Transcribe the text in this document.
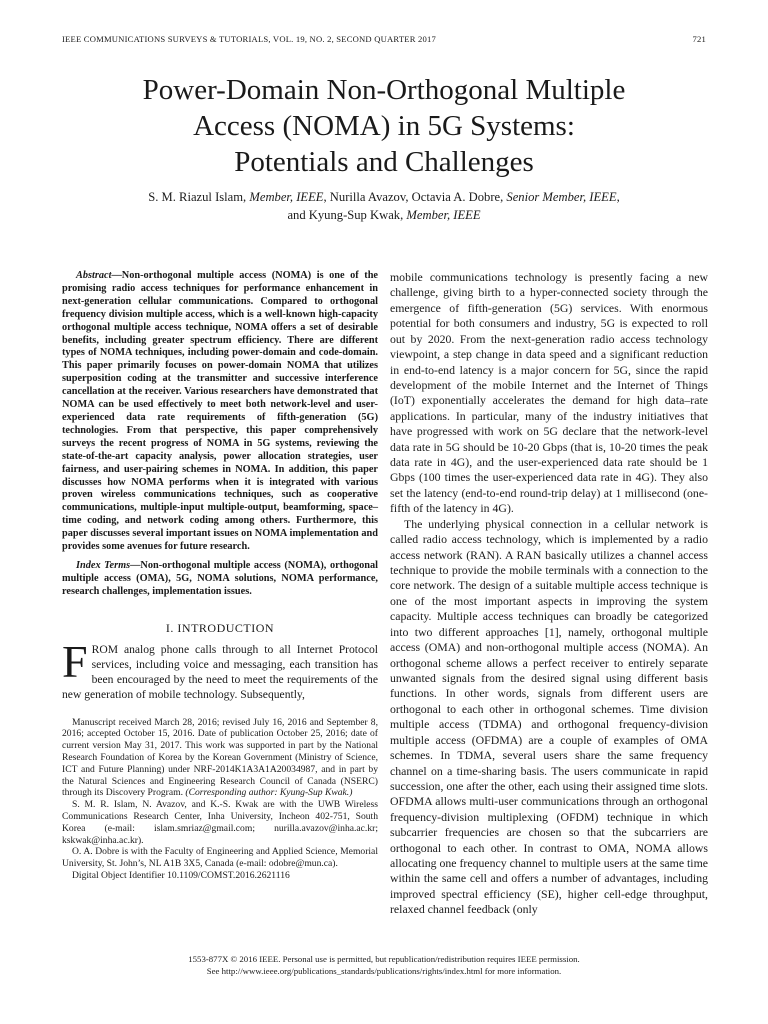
IEEE COMMUNICATIONS SURVEYS & TUTORIALS, VOL. 19, NO. 2, SECOND QUARTER 2017	721
Power-Domain Non-Orthogonal Multiple
Access (NOMA) in 5G Systems:
Potentials and Challenges
S. M. Riazul Islam, Member, IEEE, Nurilla Avazov, Octavia A. Dobre, Senior Member, IEEE,
and Kyung-Sup Kwak, Member, IEEE

Abstract—Non-orthogonal multiple access (NOMA) is one of the promising radio access techniques for performance enhancement in next-generation cellular communications. Compared to orthogonal frequency division multiple access, which is a well-known high-capacity orthogonal multiple access technique, NOMA offers a set of desirable benefits, including greater spectrum efficiency. There are different types of NOMA techniques, including power-domain and code-domain. This paper primarily focuses on power-domain NOMA that utilizes superposition coding at the transmitter and successive interference cancellation at the receiver. Various researchers have demonstrated that NOMA can be used effectively to meet both network-level and user-experienced data rate requirements of fifth-generation (5G) technologies. From that perspective, this paper comprehensively surveys the recent progress of NOMA in 5G systems, reviewing the state-of-the-art capacity analysis, power allocation strategies, user fairness, and user-pairing schemes in NOMA. In addition, this paper discusses how NOMA performs when it is integrated with various proven wireless communications techniques, such as cooperative communications, multiple-input multiple-output, beamforming, space–time coding, and network coding among others. Furthermore, this paper discusses several important issues on NOMA implementation and provides some avenues for future research.

Index Terms—Non-orthogonal multiple access (NOMA), orthogonal multiple access (OMA), 5G, NOMA solutions, NOMA performance, research challenges, implementation issues.

I. INTRODUCTION

FROM analog phone calls through to all Internet Protocol services, including voice and messaging, each transition has been encouraged by the need to meet the requirements of the new generation of mobile technology. Subsequently,

Manuscript received March 28, 2016; revised July 16, 2016 and September 8, 2016; accepted October 15, 2016. Date of publication October 25, 2016; date of current version May 31, 2017. This work was supported in part by the National Research Foundation of Korea by the Korean Government (Ministry of Science, ICT and Future Planning) under NRF-2014K1A3A1A20034987, and in part by the Natural Sciences and Engineering Research Council of Canada (NSERC) through its Discovery Program. (Corresponding author: Kyung-Sup Kwak.)

S. M. R. Islam, N. Avazov, and K.-S. Kwak are with the UWB Wireless Communications Research Center, Inha University, Incheon 402-751, South Korea (e-mail: islam.smriaz@gmail.com; nurilla.avazov@inha.ac.kr; kskwak@inha.ac.kr).

O. A. Dobre is with the Faculty of Engineering and Applied Science, Memorial University, St. John’s, NL A1B 3X5, Canada (e-mail: odobre@mun.ca).

Digital Object Identifier 10.1109/COMST.2016.2621116

mobile communications technology is presently facing a new challenge, giving birth to a hyper-connected society through the emergence of fifth-generation (5G) services. With enormous potential for both consumers and industry, 5G is expected to roll out by 2020. From the next-generation radio access technology viewpoint, a step change in data speed and a significant reduction in end-to-end latency is a major concern for 5G, since the rapid development of the mobile Internet and the Internet of Things (IoT) exponentially accelerates the demand for high data–rate applications. In particular, many of the industry initiatives that have progressed with work on 5G declare that the network-level data rate in 5G should be 10-20 Gbps (that is, 10-20 times the peak data rate in 4G), and the user-experienced data rate should be 1 Gbps (100 times the user-experienced data rate in 4G). They also set the latency (end-to-end round-trip delay) at 1 millisecond (one-fifth of the latency in 4G).

The underlying physical connection in a cellular network is called radio access technology, which is implemented by a radio access network (RAN). A RAN basically utilizes a channel access technique to provide the mobile terminals with a connection to the core network. The design of a suitable multiple access technique is one of the most important aspects in improving the system capacity. Multiple access techniques can broadly be categorized into two different approaches [1], namely, orthogonal multiple access (OMA) and non-orthogonal multiple access (NOMA). An orthogonal scheme allows a perfect receiver to entirely separate unwanted signals from the desired signal using different basis functions. In other words, signals from different users are orthogonal to each other in orthogonal schemes. Time division multiple access (TDMA) and orthogonal frequency-division multiple access (OFDMA) are a couple of examples of OMA schemes. In TDMA, several users share the same frequency channel on a time-sharing basis. The users communicate in rapid succession, one after the other, each using their assigned time slots. OFDMA allows multi-user communications through an orthogonal frequency-division multiplexing (OFDM) technique in which subcarrier frequencies are chosen so that the subcarriers are orthogonal to each other. In contrast to OMA, NOMA allows allocating one frequency channel to multiple users at the same time within the same cell and offers a number of advantages, including improved spectral efficiency (SE), higher cell-edge throughput, relaxed channel feedback (only

1553-877X © 2016 IEEE. Personal use is permitted, but republication/redistribution requires IEEE permission.
See http://www.ieee.org/publications_standards/publications/rights/index.html for more information.
